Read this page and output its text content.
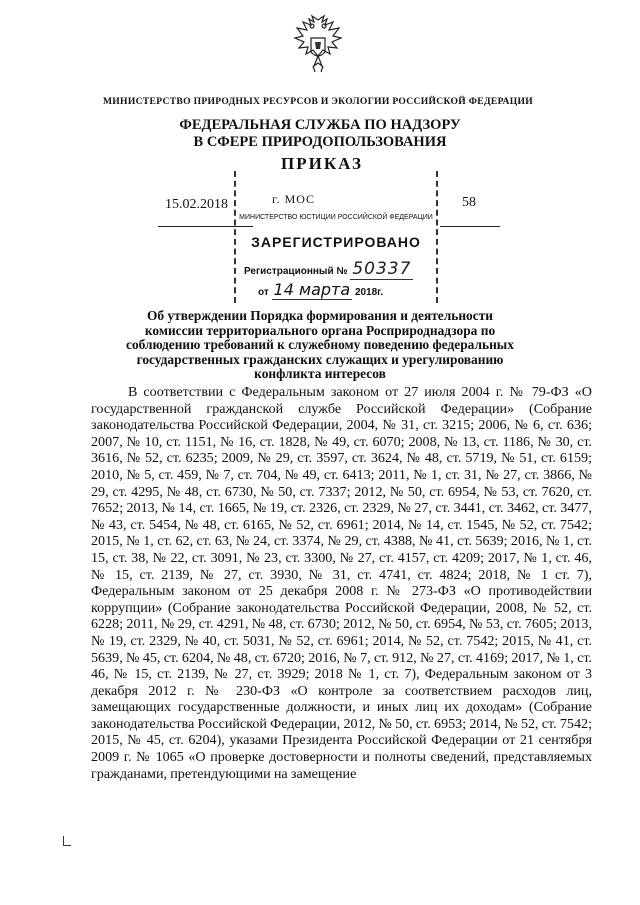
МИНИСТЕРСТВО ПРИРОДНЫХ РЕСУРСОВ И ЭКОЛОГИИ РОССИЙСКОЙ ФЕДЕРАЦИИ
ФЕДЕРАЛЬНАЯ СЛУЖБА ПО НАДЗОРУ
В СФЕРЕ ПРИРОДОПОЛЬЗОВАНИЯ
МИНИСТЕРСТВО ЮСТИЦИИ РОССИЙСКОЙ ФЕДЕРАЦИИ
ЗАРЕГИСТРИРОВАНО
Регистрационный № 50337
от 14 марта 2018г.
ПРИКАЗ
г. МОС
15.02.2018	58
Об утверждении Порядка формирования и деятельности комиссии территориального органа Росприроднадзора по соблюдению требований к служебному поведению федеральных государственных гражданских служащих и урегулированию конфликта интересов
В соответствии с Федеральным законом от 27 июля 2004 г. № 79-ФЗ «О государственной гражданской службе Российской Федерации» (Собрание законодательства Российской Федерации, 2004, № 31, ст. 3215; 2006, № 6, ст. 636; 2007, № 10, ст. 1151, № 16, ст. 1828, № 49, ст. 6070; 2008, № 13, ст. 1186, № 30, ст. 3616, № 52, ст. 6235; 2009, № 29, ст. 3597, ст. 3624, № 48, ст. 5719, № 51, ст. 6159; 2010, № 5, ст. 459, № 7, ст. 704, № 49, ст. 6413; 2011, № 1, ст. 31, № 27, ст. 3866, № 29, ст. 4295, № 48, ст. 6730, № 50, ст. 7337; 2012, № 50, ст. 6954, № 53, ст. 7620, ст. 7652; 2013, № 14, ст. 1665, № 19, ст. 2326, ст. 2329, № 27, ст. 3441, ст. 3462, ст. 3477, № 43, ст. 5454, № 48, ст. 6165, № 52, ст. 6961; 2014, № 14, ст. 1545, № 52, ст. 7542; 2015, № 1, ст. 62, ст. 63, № 24, ст. 3374, № 29, ст. 4388, № 41, ст. 5639; 2016, № 1, ст. 15, ст. 38, № 22, ст. 3091, № 23, ст. 3300, № 27, ст. 4157, ст. 4209; 2017, № 1, ст. 46, № 15, ст. 2139, № 27, ст. 3930, № 31, ст. 4741, ст. 4824; 2018, № 1 ст. 7), Федеральным законом от 25 декабря 2008 г. № 273-ФЗ «О противодействии коррупции» (Собрание законодательства Российской Федерации, 2008, № 52, ст. 6228; 2011, № 29, ст. 4291, № 48, ст. 6730; 2012, № 50, ст. 6954, № 53, ст. 7605; 2013, № 19, ст. 2329, № 40, ст. 5031, № 52, ст. 6961; 2014, № 52, ст. 7542; 2015, № 41, ст. 5639, № 45, ст. 6204, № 48, ст. 6720; 2016, № 7, ст. 912, № 27, ст. 4169; 2017, № 1, ст. 46, № 15, ст. 2139, № 27, ст. 3929; 2018 № 1, ст. 7), Федеральным законом от 3 декабря 2012 г. № 230-ФЗ «О контроле за соответствием расходов лиц, замещающих государственные должности, и иных лиц их доходам» (Собрание законодательства Российской Федерации, 2012, № 50, ст. 6953; 2014, № 52, ст. 7542; 2015, № 45, ст. 6204), указами Президента Российской Федерации от 21 сентября 2009 г. № 1065 «О проверке достоверности и полноты сведений, представляемых гражданами, претендующими на замещение
